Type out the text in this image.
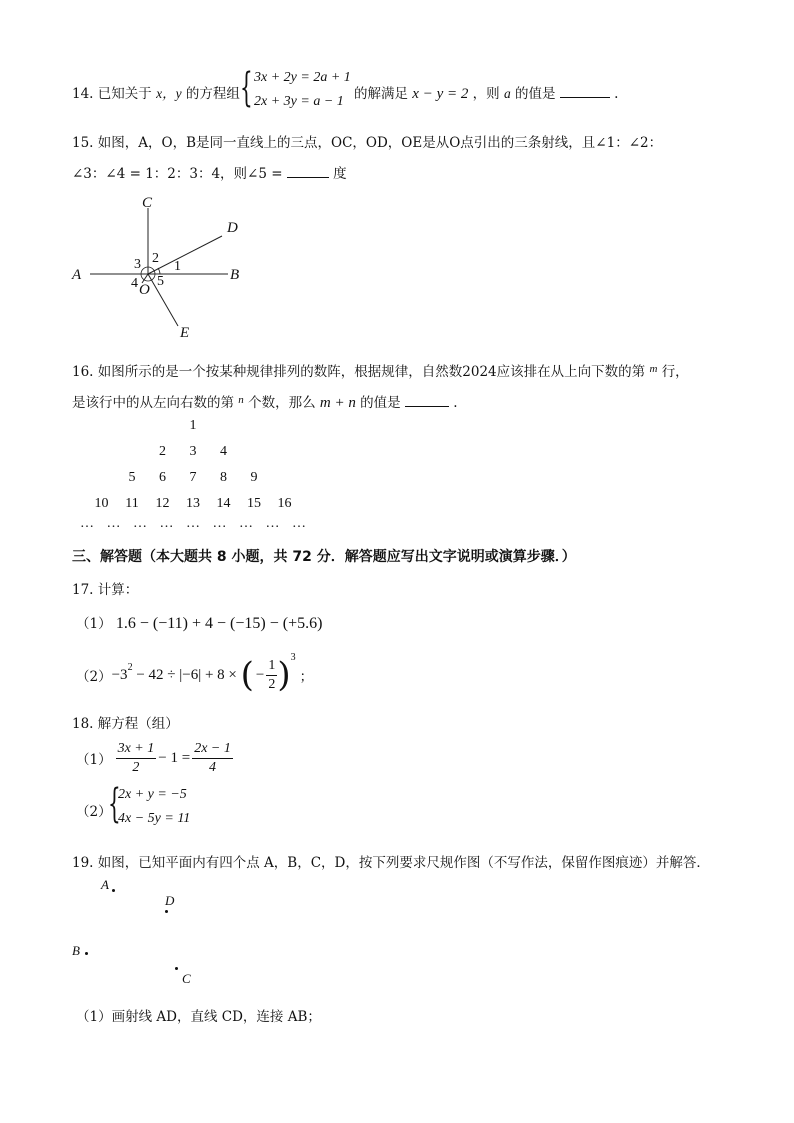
14. 已知关于 x，y 的方程组 { 3x + 2y = 2a + 1
2x + 3y = a − 1 的解满足 x − y = 2 ，则 a 的值是	.
15. 如图，A，O，B是同一直线上的三点，OC，OD，OE是从O点引出的三条射线，且∠1：∠2：
∠3：∠4 = 1：2：3：4，则∠5 =	度
C
D
A	B
O
E
1
2
3
4 5
16. 如图所示的是一个按某种规律排列的数阵，根据规律，自然数2024应该排在从上向下数的第 $^m$ 行，
是该行中的从左向右数的第 $^n$ 个数，那么 m + n 的值是	.
1
2	3	4
5	6	7	8	9
10	11	12	13	14	15	16
… … … … … … … … …
三、解答题（本大题共 8 小题，共 72 分．解答题应写出文字说明或演算步骤．）
17. 计算：
（1） 1.6 − (−11) + 4 − (−15) − (+5.6)
$(2) -3^2 - 42 \div |-6| + 8$ × ( − $\frac{1}{2} )^3$
；
18. 解方程（组）
$(1) \frac{3x + 1}{2} - 1 = \frac{2x - 1}{4}$
（2）
{
2x + y = −5
4x − 5y = 11
19. 如图，已知平面内有四个点 A，B，C，D，按下列要求尺规作图（不写作法，保留作图痕迹）并解答．
A
D
B
C
（1）画射线 AD，直线 CD，连接 AB；
